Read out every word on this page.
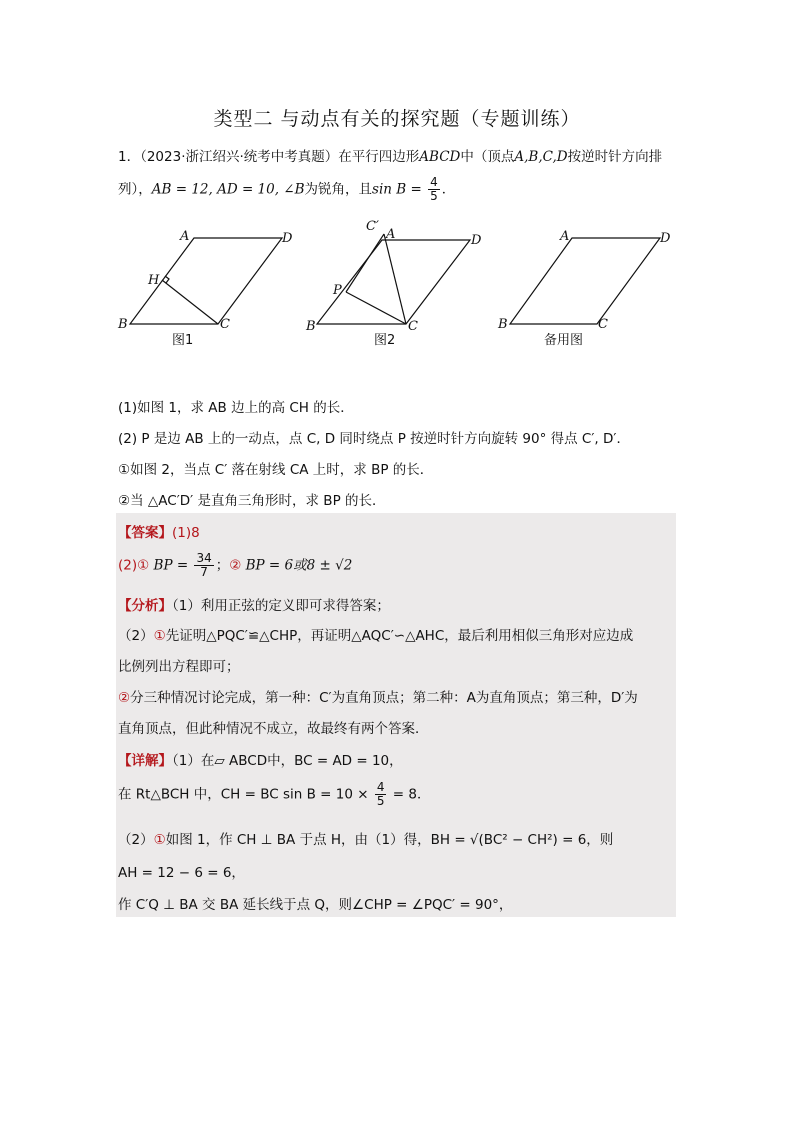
类型二 与动点有关的探究题（专题训练）
1．（2023·浙江绍兴·统考中考真题）在平行四边形ABCD中（顶点A,B,C,D按逆时针方向排
列），AB = 12, AD = 10, ∠B为锐角，且$\sin B = \frac{4}{5}$ ．
A	D
H
B	C
C′
A	D
P
B	C
A	D
B	C
图1	图2	备用图
(1)如图 1，求 AB 边上的高 CH 的长．
(2) P 是边 AB 上的一动点，点 C, D 同时绕点 P 按逆时针方向旋转 90° 得点 C′, D′．
①如图 2，当点 C′ 落在射线 CA 上时，求 BP 的长．
②当 △AC′D′ 是直角三角形时，求 BP 的长．
【答案】(1)8
(2)① BP = $\frac{34}{7}$ ；② BP = 6或8 ± √2
【分析】（1）利用正弦的定义即可求得答案；
（2）①先证明△PQC′≌△CHP，再证明△AQC′∽△AHC，最后利用相似三角形对应边成
比例列出方程即可；
②分三种情况讨论完成，第一种：C′为直角顶点；第二种：A为直角顶点；第三种，D′为
直角顶点，但此种情况不成立，故最终有两个答案．
【详解】（1）在▱ ABCD中，BC = AD = 10，
在 Rt△BCH 中，CH = BC $\sin B = 10 \times \frac{4}{5} = 8$．
（2）①如图 1，作 CH ⊥ BA 于点 H，由（1）得，BH = √(BC² − CH²) = 6，则
AH = 12 − 6 = 6，
作 C′Q ⊥ BA 交 BA 延长线于点 Q，则∠CHP = ∠PQC′ = 90°，
